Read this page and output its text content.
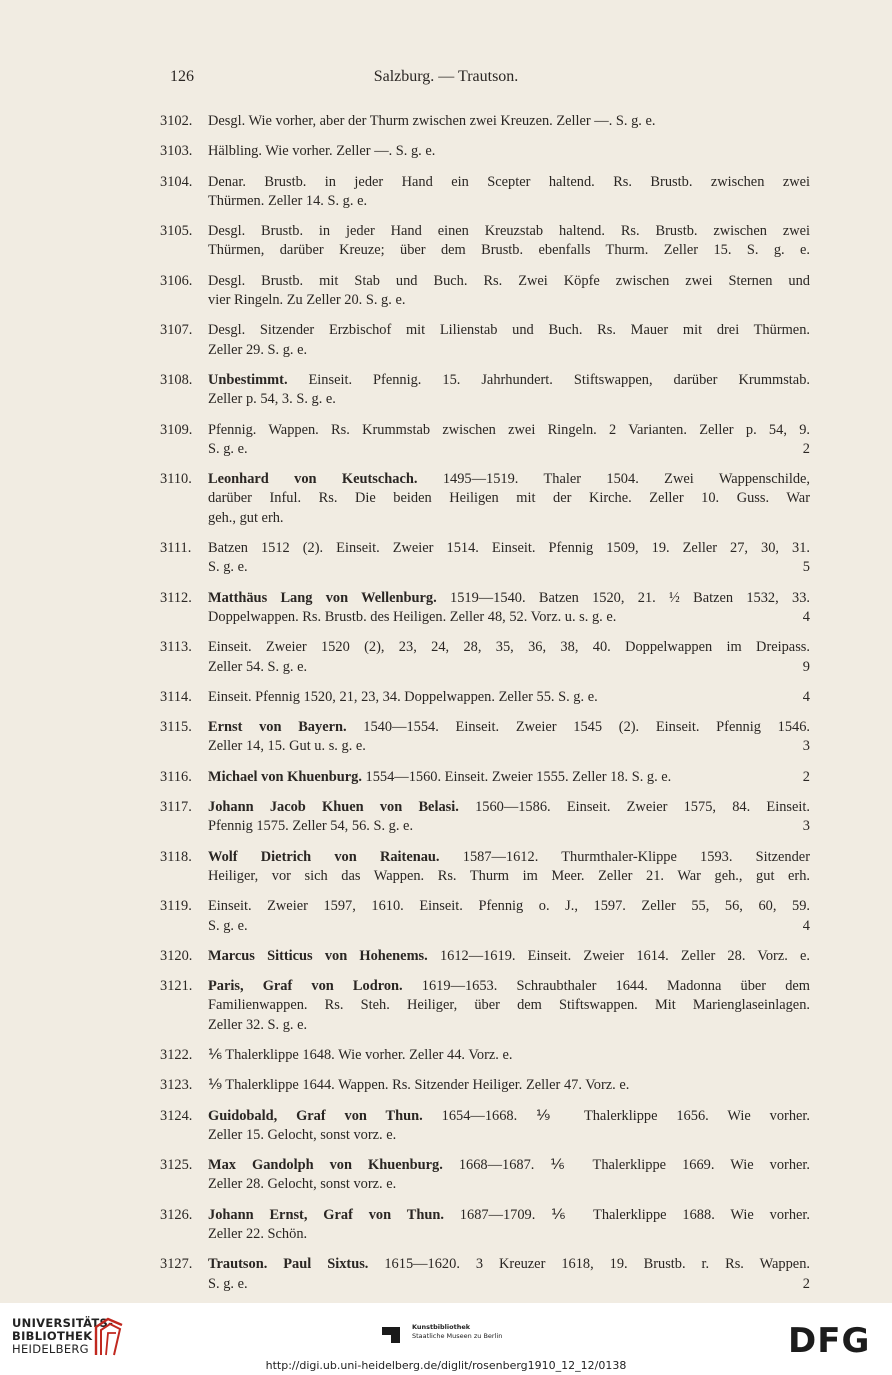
126	Salzburg. — Trautson.
3102.	Desgl. Wie vorher, aber der Thurm zwischen zwei Kreuzen. Zeller —. S. g. e.
3103.	Hälbling. Wie vorher. Zeller —. S. g. e.
3104.	Denar. Brustb. in jeder Hand ein Scepter haltend. Rs. Brustb. zwischen zwei
Thürmen. Zeller 14. S. g. e.
3105.	Desgl. Brustb. in jeder Hand einen Kreuzstab haltend. Rs. Brustb. zwischen zwei
Thürmen, darüber Kreuze; über dem Brustb. ebenfalls Thurm. Zeller 15. S. g. e.
3106.	Desgl. Brustb. mit Stab und Buch. Rs. Zwei Köpfe zwischen zwei Sternen und
vier Ringeln. Zu Zeller 20. S. g. e.
3107.	Desgl. Sitzender Erzbischof mit Lilienstab und Buch. Rs. Mauer mit drei Thürmen.
Zeller 29. S. g. e.
3108.	Unbestimmt. Einseit. Pfennig. 15. Jahrhundert. Stiftswappen, darüber Krummstab.
Zeller p. 54, 3. S. g. e.
3109.	Pfennig. Wappen. Rs. Krummstab zwischen zwei Ringeln. 2 Varianten. Zeller p. 54, 9.
S. g. e.	2
3110.	Leonhard von Keutschach. 1495—1519. Thaler 1504. Zwei Wappenschilde,
darüber Inful. Rs. Die beiden Heiligen mit der Kirche. Zeller 10. Guss. War
geh., gut erh.
3111.	Batzen 1512 (2). Einseit. Zweier 1514. Einseit. Pfennig 1509, 19. Zeller 27, 30, 31.
S. g. e.	5
3112.	Matthäus Lang von Wellenburg. 1519—1540. Batzen 1520, 21. ½ Batzen 1532, 33.
Doppelwappen. Rs. Brustb. des Heiligen. Zeller 48, 52. Vorz. u. s. g. e.	4
3113.	Einseit. Zweier 1520 (2), 23, 24, 28, 35, 36, 38, 40. Doppelwappen im Dreipass.
Zeller 54. S. g. e.	9
3114.	Einseit. Pfennig 1520, 21, 23, 34. Doppelwappen. Zeller 55. S. g. e.	4
3115.	Ernst von Bayern. 1540—1554. Einseit. Zweier 1545 (2). Einseit. Pfennig 1546.
Zeller 14, 15. Gut u. s. g. e.	3
3116.	Michael von Khuenburg. 1554—1560. Einseit. Zweier 1555. Zeller 18. S. g. e.	2
3117.	Johann Jacob Khuen von Belasi. 1560—1586. Einseit. Zweier 1575, 84. Einseit.
Pfennig 1575. Zeller 54, 56. S. g. e.	3
3118.	Wolf Dietrich von Raitenau. 1587—1612. Thurmthaler-Klippe 1593. Sitzender
Heiliger, vor sich das Wappen. Rs. Thurm im Meer. Zeller 21. War geh., gut erh.
3119.	Einseit. Zweier 1597, 1610. Einseit. Pfennig o. J., 1597. Zeller 55, 56, 60, 59.
S. g. e.	4
3120.	Marcus Sitticus von Hohenems. 1612—1619. Einseit. Zweier 1614. Zeller 28. Vorz. e.
3121.	Paris, Graf von Lodron. 1619—1653. Schraubthaler 1644. Madonna über dem
Familienwappen. Rs. Steh. Heiliger, über dem Stiftswappen. Mit Marienglaseinlagen.
Zeller 32. S. g. e.
3122.	⅙ Thalerklippe 1648. Wie vorher. Zeller 44. Vorz. e.
3123.	⅑ Thalerklippe 1644. Wappen. Rs. Sitzender Heiliger. Zeller 47. Vorz. e.
3124.	Guidobald, Graf von Thun. 1654—1668. ⅑ Thalerklippe 1656. Wie vorher.
Zeller 15. Gelocht, sonst vorz. e.
3125.	Max Gandolph von Khuenburg. 1668—1687. ⅙ Thalerklippe 1669. Wie vorher.
Zeller 28. Gelocht, sonst vorz. e.
3126.	Johann Ernst, Graf von Thun. 1687—1709. ⅙ Thalerklippe 1688. Wie vorher.
Zeller 22. Schön.
3127.	Trautson. Paul Sixtus. 1615—1620. 3 Kreuzer 1618, 19. Brustb. r. Rs. Wappen.
S. g. e.	2
UNIVERSITÄTS-
BIBLIOTHEK
HEIDELBERG
Kunstbibliothek
Staatliche Museen zu Berlin	DFG
http://digi.ub.uni-heidelberg.de/diglit/rosenberg1910_12_12/0138
